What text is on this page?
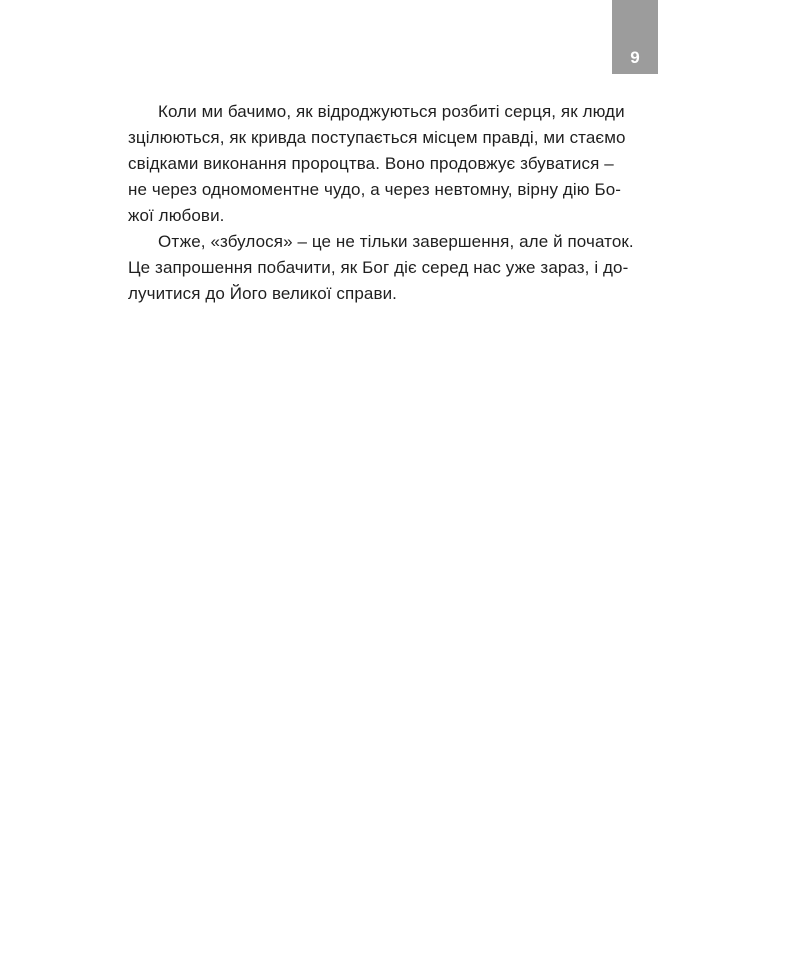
9
Коли ми бачимо, як відроджуються розбиті серця, як люди
зцілюються, як кривда поступається місцем правді, ми стаємо
свідками виконання пророцтва. Воно продовжує збуватися –
не через одномоментне чудо, а через невтомну, вірну дію Бо-
жої любови.
Отже, «збулося» – це не тільки завершення, але й початок.
Це запрошення побачити, як Бог діє серед нас уже зараз, і до-
лучитися до Його великої справи.
